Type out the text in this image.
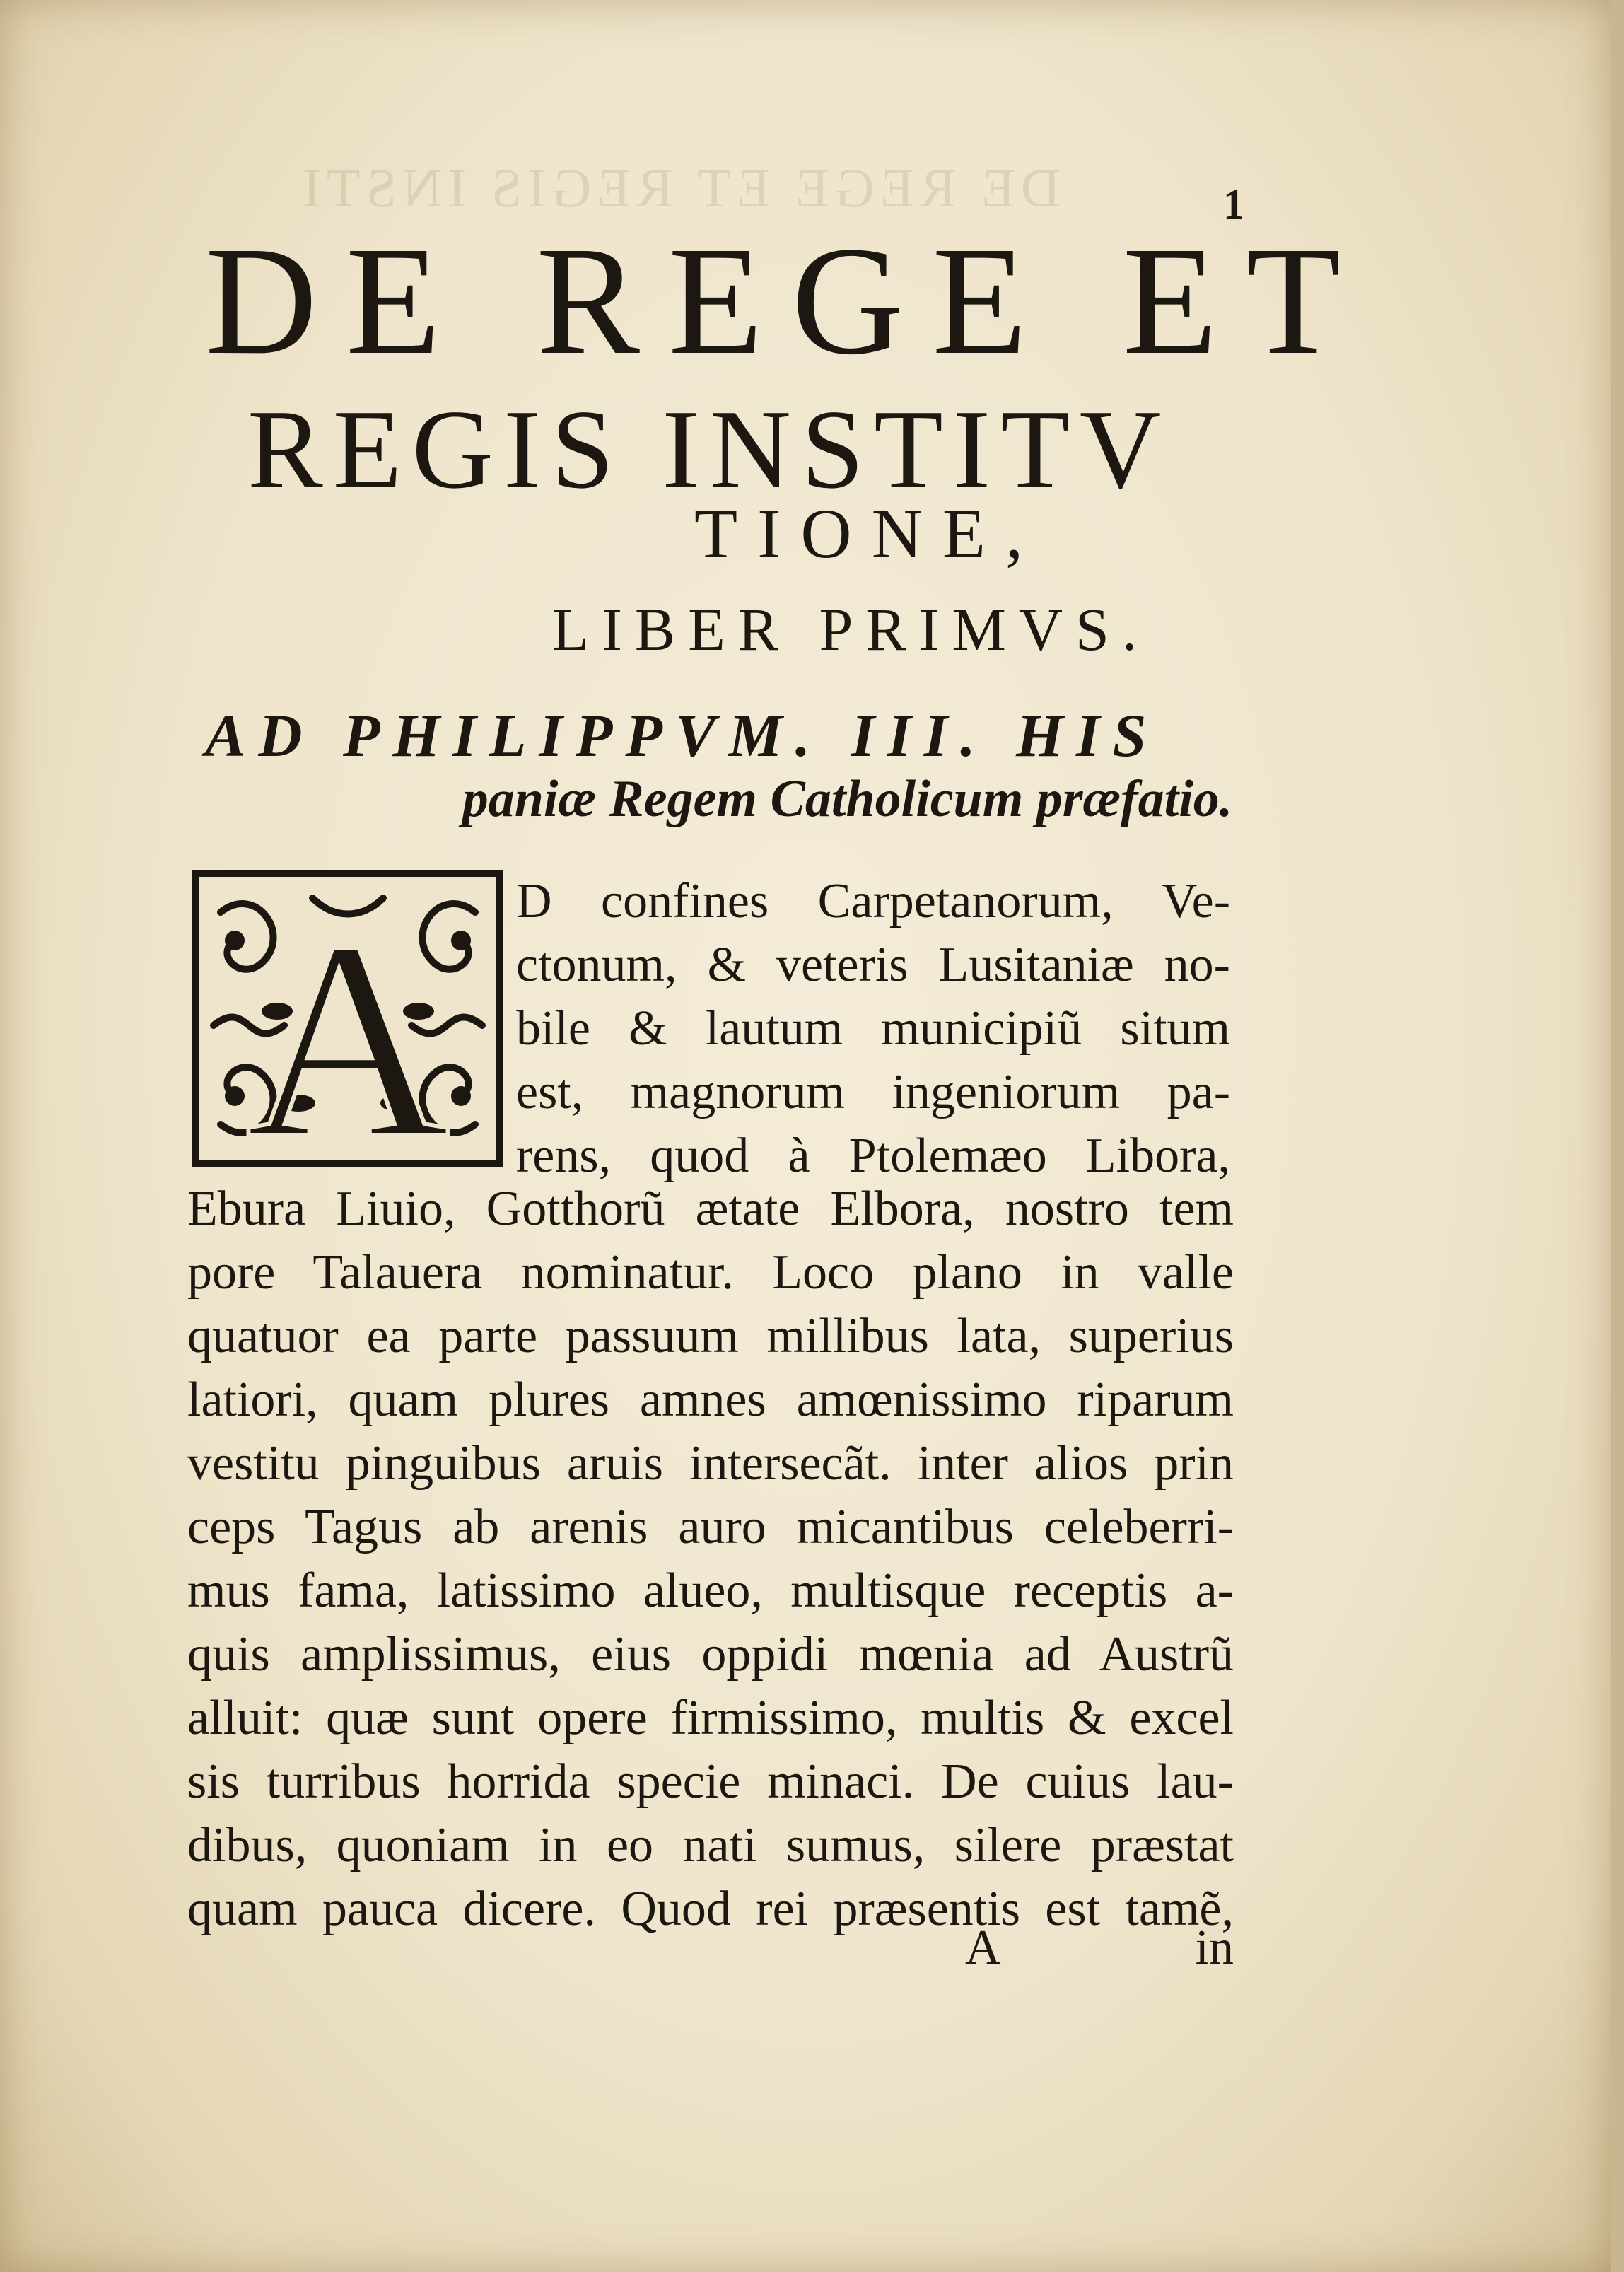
DE REGE ET REGIS INSTI	1
DE REGE ET
REGIS INSTITV
TIONE,
LIBER PRIMVS.
AD PHILIPPVM. III. HIS
paniæ Regem Catholicum præfatio.
A D confines Carpetanorum, Ve-
ctonum, & veteris Lusitaniæ no-
bile & lautum municipiũ situm
est, magnorum ingeniorum pa-
rens, quod à Ptolemæo Libora,
Ebura Liuio, Gotthorũ ætate Elbora, nostro tem
pore Talauera nominatur. Loco plano in valle
quatuor ea parte passuum millibus lata, superius
latiori, quam plures amnes amœnissimo riparum
vestitu pinguibus aruis intersecãt. inter alios prin
ceps Tagus ab arenis auro micantibus celeberri-
mus fama, latissimo alueo, multisque receptis a-
quis amplissimus, eius oppidi mœnia ad Austrũ
alluit: quæ sunt opere firmissimo, multis & excel
sis turribus horrida specie minaci. De cuius lau-
dibus, quoniam in eo nati sumus, silere præstat
quam pauca dicere. Quod rei præsentis est tamẽ,
A	in
